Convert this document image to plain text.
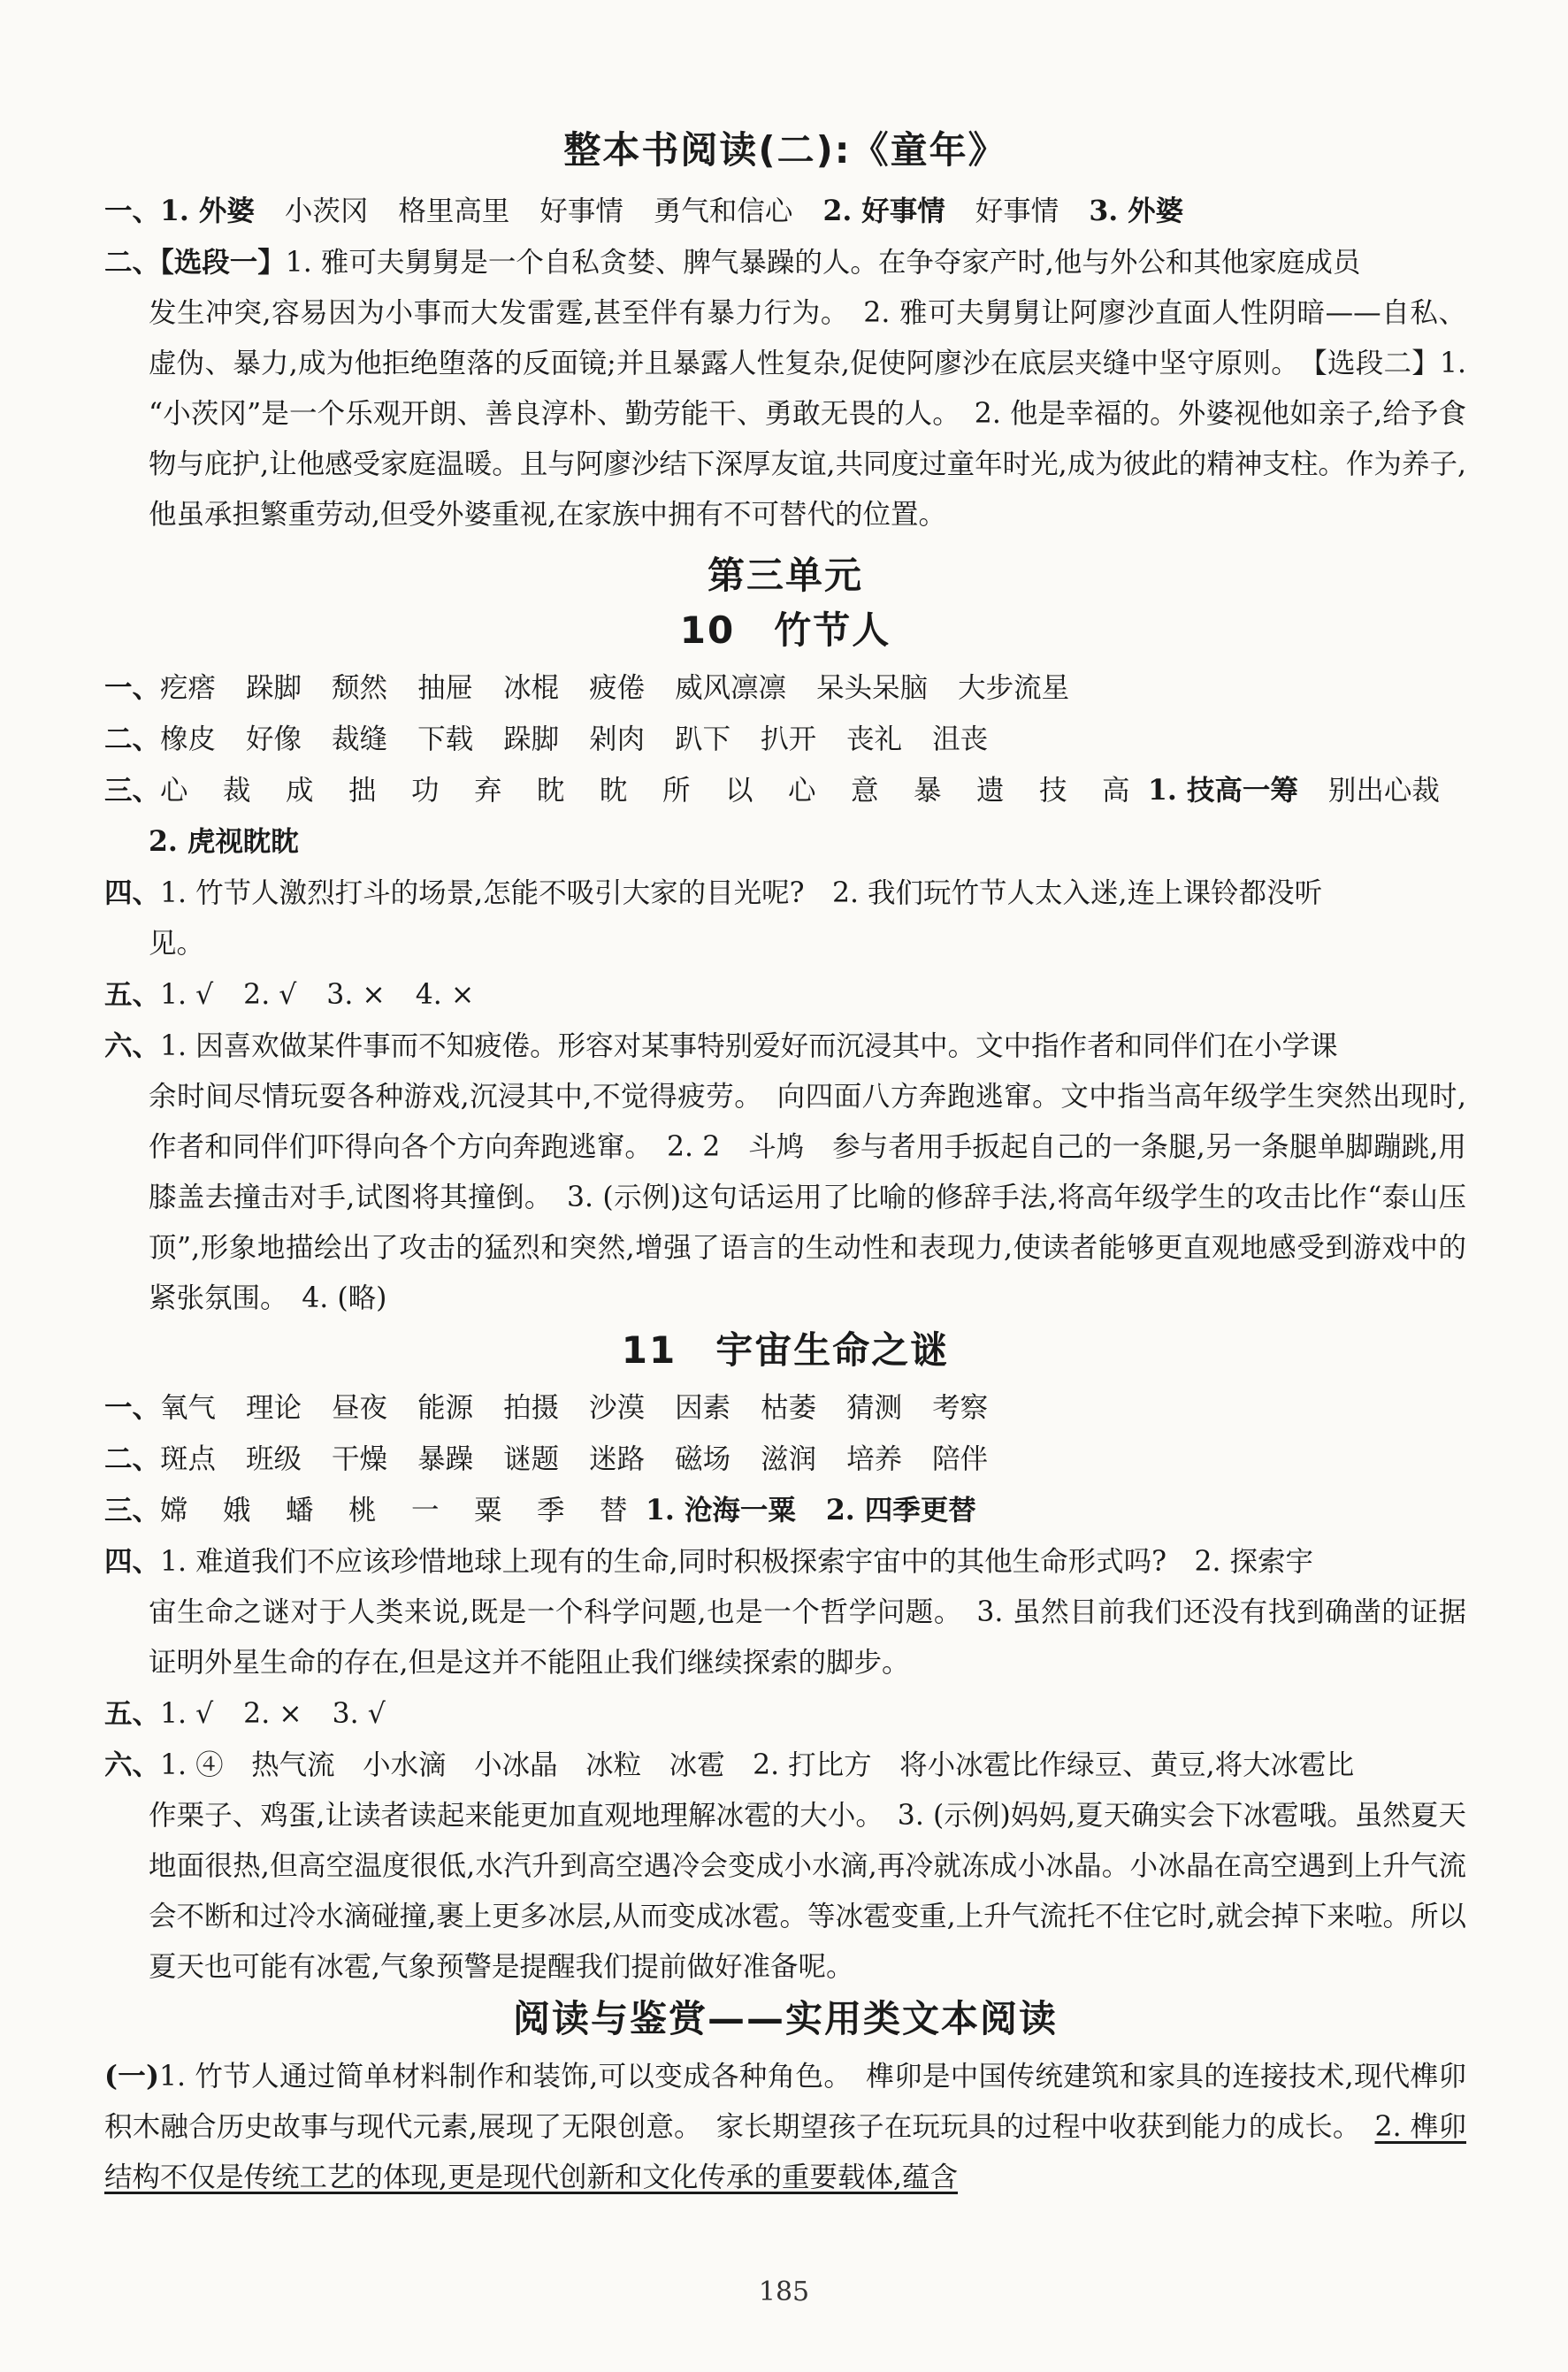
整本书阅读(二):《童年》

一、1. 外婆 小茨冈 格里高里 好事情 勇气和信心 2. 好事情 好事情 3. 外婆

二、【选段一】1. 雅可夫舅舅是一个自私贪婪、脾气暴躁的人。在争夺家产时,他与外公和其他家庭成员

发生冲突,容易因为小事而大发雷霆,甚至伴有暴力行为。　2. 雅可夫舅舅让阿廖沙直面人性阴暗——自私、虚伪、暴力,成为他拒绝堕落的反面镜;并且暴露人性复杂,促使阿廖沙在底层夹缝中坚守原则。　【选段二】1. “小茨冈”是一个乐观开朗、善良淳朴、勤劳能干、勇敢无畏的人。　2. 他是幸福的。外婆视他如亲子,给予食物与庇护,让他感受家庭温暖。且与阿廖沙结下深厚友谊,共同度过童年时光,成为彼此的精神支柱。作为养子,他虽承担繁重劳动,但受外婆重视,在家族中拥有不可替代的位置。

第三单元
10 竹节人

一、疙瘩 跺脚 颓然 抽屉 冰棍 疲倦 威风凛凛 呆头呆脑 大步流星

二、橡皮 好像 裁缝 下载 跺脚 剁肉 趴下 扒开 丧礼 沮丧

三、心 裁 成 拙 功 弃 眈 眈 所 以 心 意 暴 遗 技 高 1. 技高一筹 别出心裁

2. 虎视眈眈

四、1. 竹节人激烈打斗的场景,怎能不吸引大家的目光呢?　2. 我们玩竹节人太入迷,连上课铃都没听

见。

五、1. √ 2. √ 3. × 4. ×

六、1. 因喜欢做某件事而不知疲倦。形容对某事特别爱好而沉浸其中。文中指作者和同伴们在小学课

余时间尽情玩耍各种游戏,沉浸其中,不觉得疲劳。　向四面八方奔跑逃窜。文中指当高年级学生突然出现时,作者和同伴们吓得向各个方向奔跑逃窜。　2. 2　斗鸠　参与者用手扳起自己的一条腿,另一条腿单脚蹦跳,用膝盖去撞击对手,试图将其撞倒。　3. (示例)这句话运用了比喻的修辞手法,将高年级学生的攻击比作“泰山压顶”,形象地描绘出了攻击的猛烈和突然,增强了语言的生动性和表现力,使读者能够更直观地感受到游戏中的紧张氛围。　4. (略)

11 宇宙生命之谜

一、氧气 理论 昼夜 能源 拍摄 沙漠 因素 枯萎 猜测 考察

二、斑点 班级 干燥 暴躁 谜题 迷路 磁场 滋润 培养 陪伴

三、嫦 娥 蟠 桃 一 粟 季 替 1. 沧海一粟 2. 四季更替

四、1. 难道我们不应该珍惜地球上现有的生命,同时积极探索宇宙中的其他生命形式吗?　2. 探索宇

宙生命之谜对于人类来说,既是一个科学问题,也是一个哲学问题。　3. 虽然目前我们还没有找到确凿的证据证明外星生命的存在,但是这并不能阻止我们继续探索的脚步。

五、1. √ 2. × 3. √

六、1. ④　热气流　小水滴　小冰晶　冰粒　冰雹　2. 打比方　将小冰雹比作绿豆、黄豆,将大冰雹比

作栗子、鸡蛋,让读者读起来能更加直观地理解冰雹的大小。　3. (示例)妈妈,夏天确实会下冰雹哦。虽然夏天地面很热,但高空温度很低,水汽升到高空遇冷会变成小水滴,再冷就冻成小冰晶。小冰晶在高空遇到上升气流会不断和过冷水滴碰撞,裹上更多冰层,从而变成冰雹。等冰雹变重,上升气流托不住它时,就会掉下来啦。所以夏天也可能有冰雹,气象预警是提醒我们提前做好准备呢。

阅读与鉴赏——实用类文本阅读

(一)1. 竹节人通过简单材料制作和装饰,可以变成各种角色。　榫卯是中国传统建筑和家具的连接技术,现代榫卯积木融合历史故事与现代元素,展现了无限创意。　家长期望孩子在玩玩具的过程中收获到能力的成长。　2. 榫卯结构不仅是传统工艺的体现,更是现代创新和文化传承的重要载体,蕴含

185
